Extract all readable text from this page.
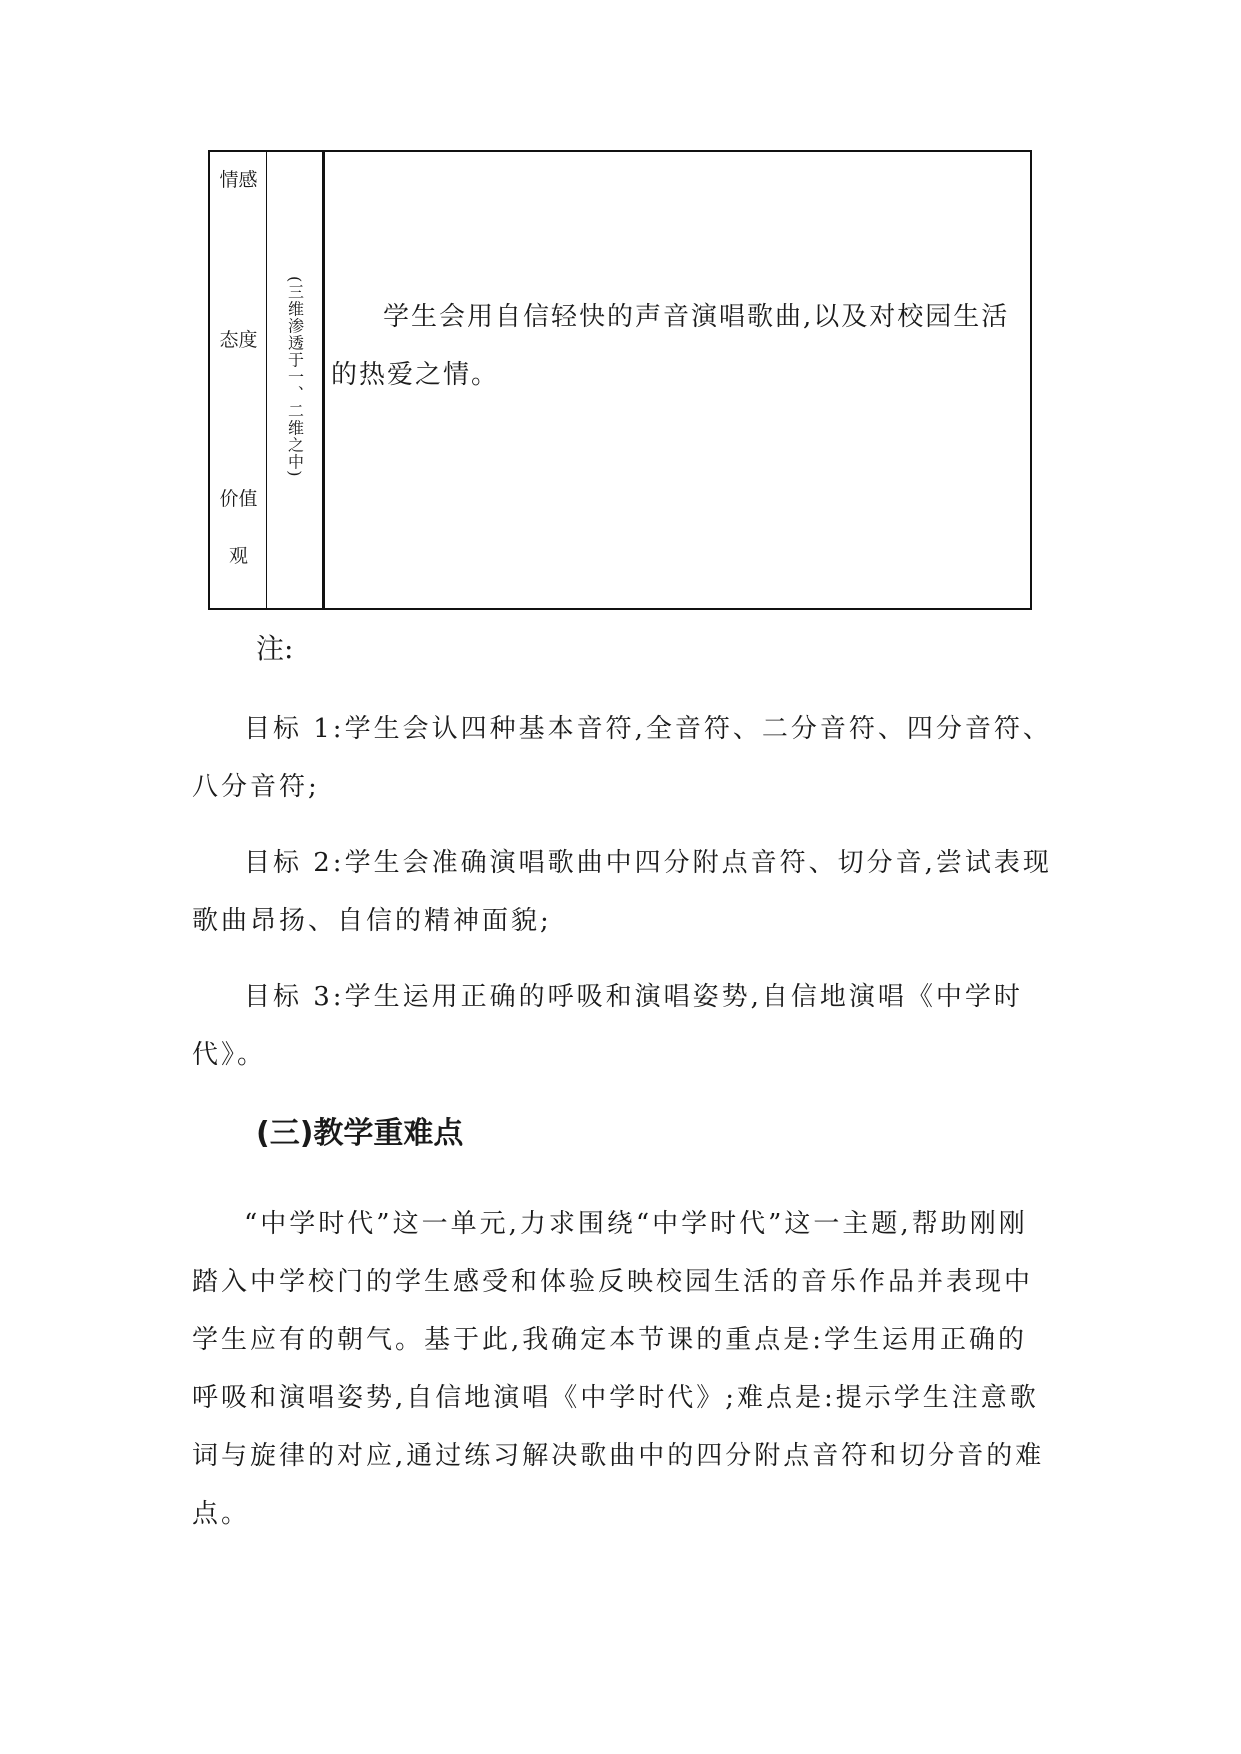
情感
态度
价值
观
(三维渗透于一、二维之中)	学生会用自信轻快的声音演唱歌曲,以及对校园生活的热爱之情。

注:

目标 1:学生会认四种基本音符,全音符、二分音符、四分音符、八分音符;

目标 2:学生会准确演唱歌曲中四分附点音符、切分音,尝试表现歌曲昂扬、自信的精神面貌;

目标 3:学生运用正确的呼吸和演唱姿势,自信地演唱《中学时代》。

(三)教学重难点

“中学时代”这一单元,力求围绕“中学时代”这一主题,帮助刚刚踏入中学校门的学生感受和体验反映校园生活的音乐作品并表现中学生应有的朝气。基于此,我确定本节课的重点是:学生运用正确的呼吸和演唱姿势,自信地演唱《中学时代》;难点是:提示学生注意歌词与旋律的对应,通过练习解决歌曲中的四分附点音符和切分音的难点。
